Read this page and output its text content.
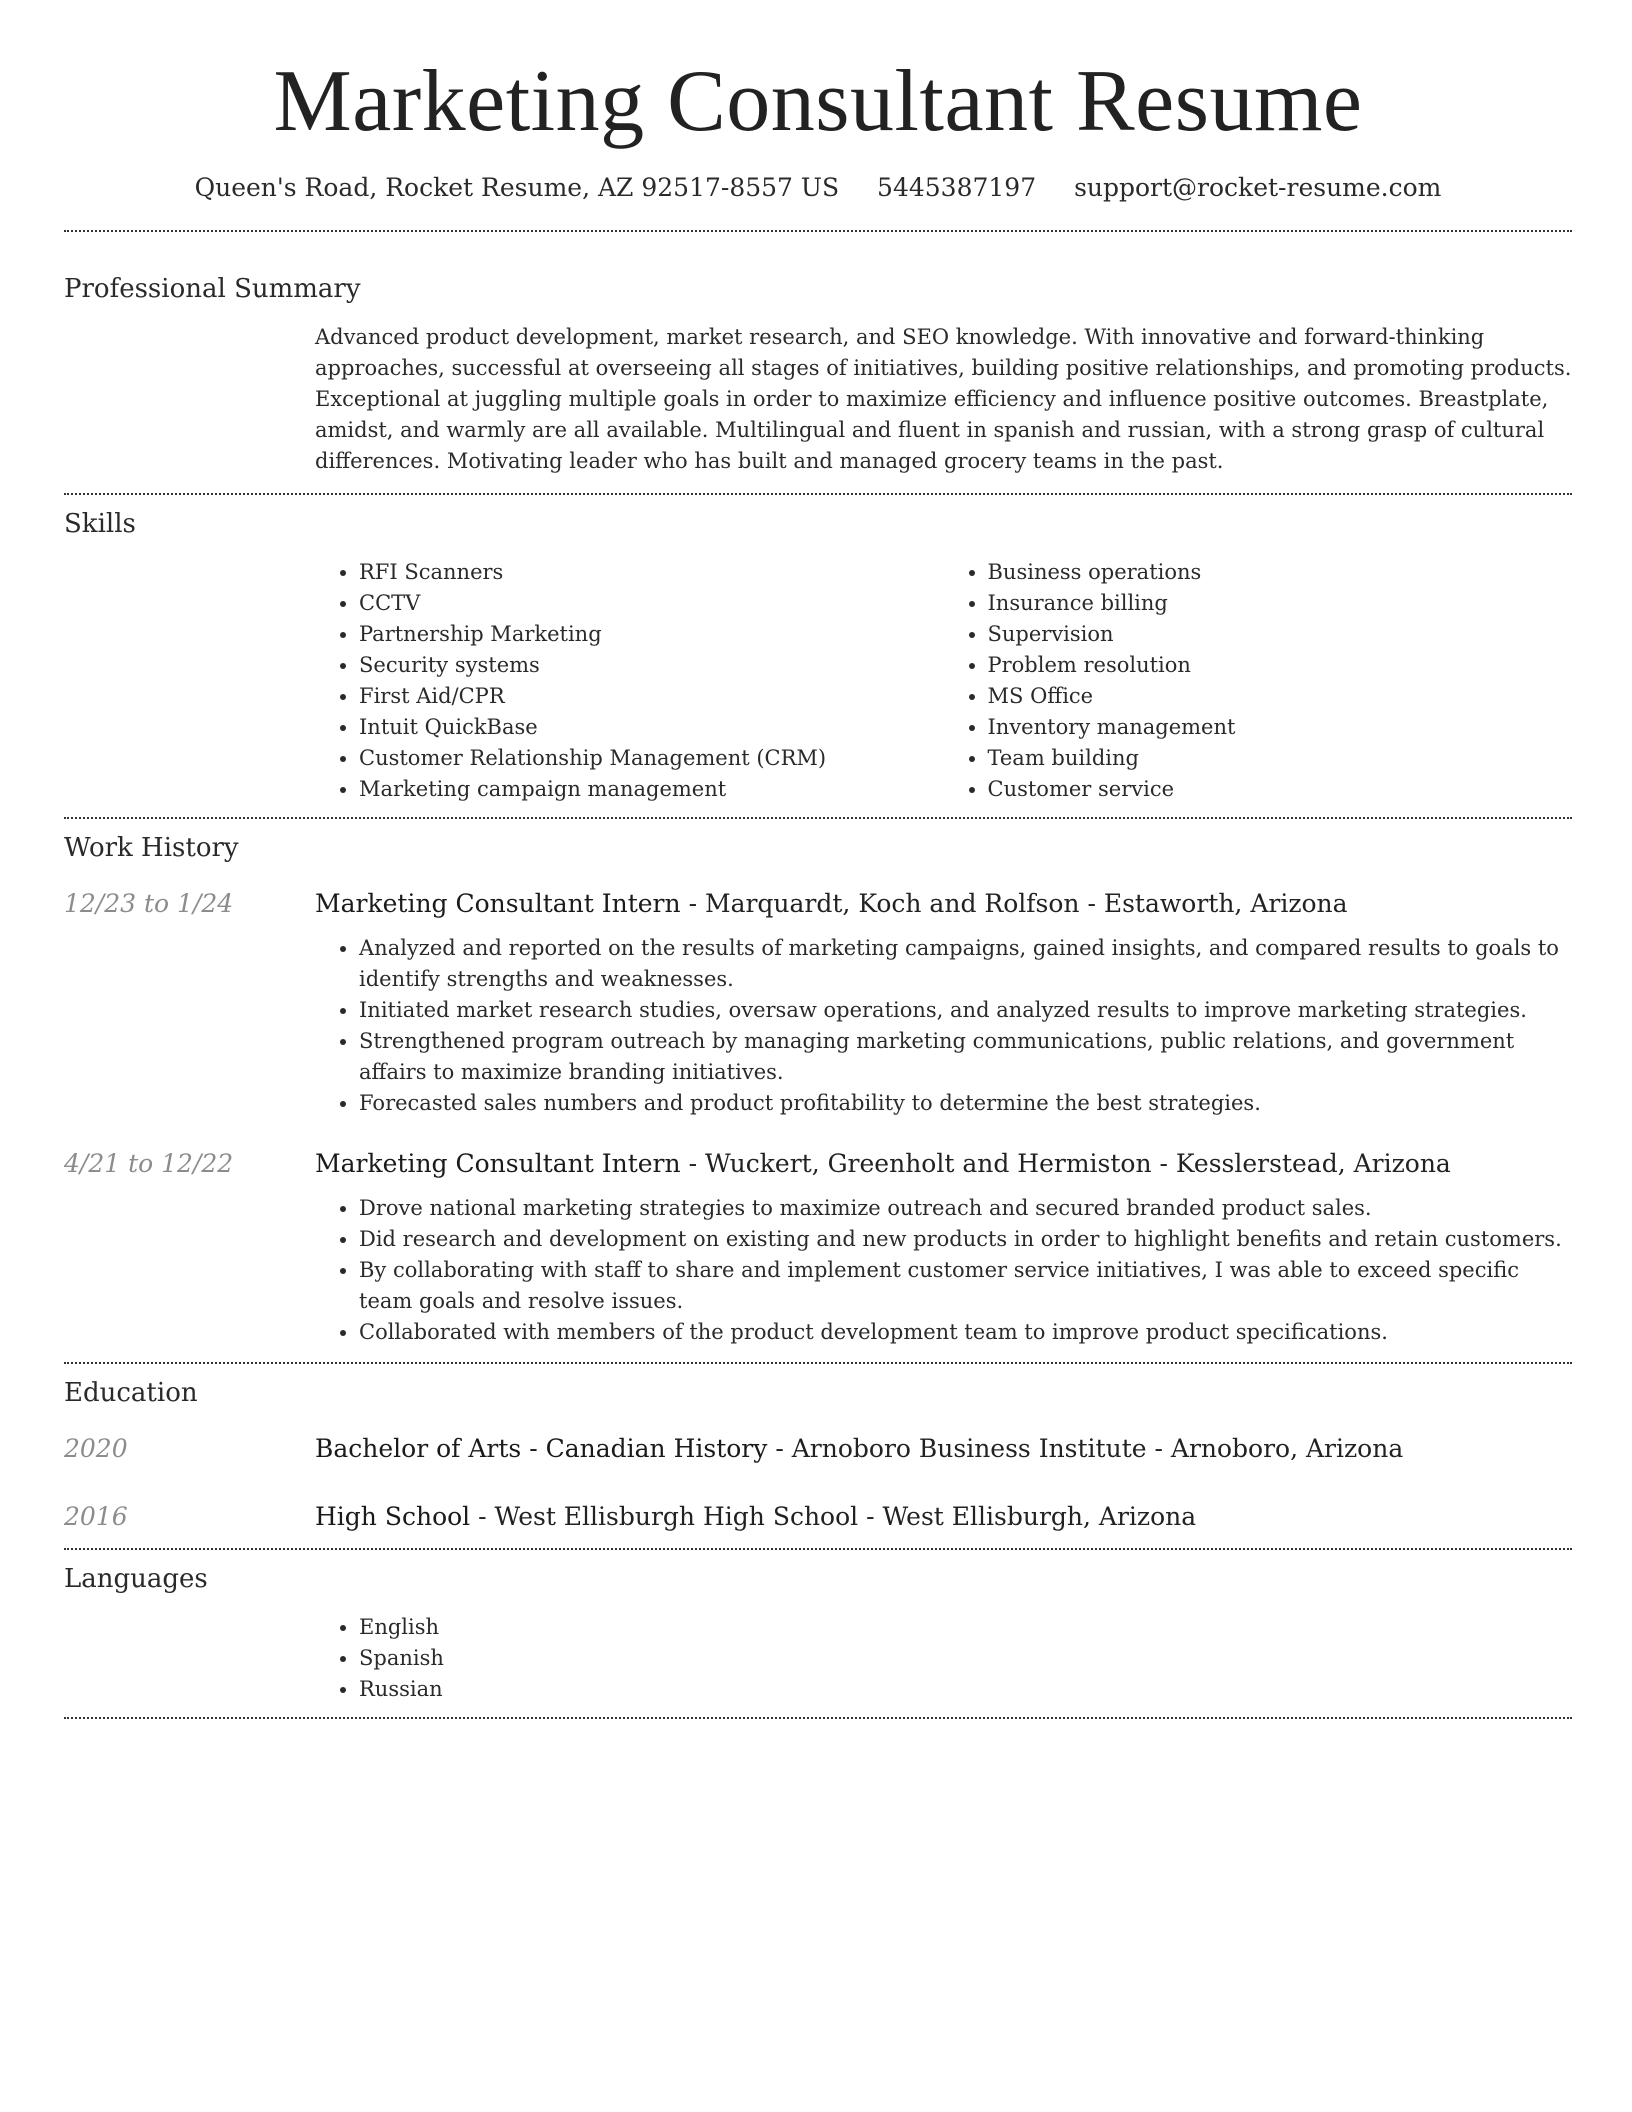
Marketing Consultant Resume
Queen's Road, Rocket Resume, AZ 92517-8557 US 5445387197 support@rocket-resume.com
Professional Summary

Advanced product development, market research, and SEO knowledge. With innovative and forward-thinking approaches, successful at overseeing all stages of initiatives, building positive relationships, and promoting products. Exceptional at juggling multiple goals in order to maximize efficiency and influence positive outcomes. Breastplate, amidst, and warmly are all available. Multilingual and fluent in spanish and russian, with a strong grasp of cultural differences. Motivating leader who has built and managed grocery teams in the past.

Skills
• RFI Scanners
• CCTV
• Partnership Marketing
• Security systems
• First Aid/CPR
• Intuit QuickBase
• Customer Relationship Management (CRM)
• Marketing campaign management
• Business operations
• Insurance billing
• Supervision
• Problem resolution
• MS Office
• Inventory management
• Team building
• Customer service
Work History
12/23 to 1/24	Marketing Consultant Intern - Marquardt, Koch and Rolfson - Estaworth, Arizona
• Analyzed and reported on the results of marketing campaigns, gained insights, and compared results to goals to identify strengths and weaknesses.
• Initiated market research studies, oversaw operations, and analyzed results to improve marketing strategies.
• Strengthened program outreach by managing marketing communications, public relations, and government affairs to maximize branding initiatives.
• Forecasted sales numbers and product profitability to determine the best strategies.
4/21 to 12/22	Marketing Consultant Intern - Wuckert, Greenholt and Hermiston - Kesslerstead, Arizona
• Drove national marketing strategies to maximize outreach and secured branded product sales.
• Did research and development on existing and new products in order to highlight benefits and retain customers.
• By collaborating with staff to share and implement customer service initiatives, I was able to exceed specific team goals and resolve issues.
• Collaborated with members of the product development team to improve product specifications.
Education
2020	Bachelor of Arts - Canadian History - Arnoboro Business Institute - Arnoboro, Arizona
2016	High School - West Ellisburgh High School - West Ellisburgh, Arizona
Languages
• English
• Spanish
• Russian
